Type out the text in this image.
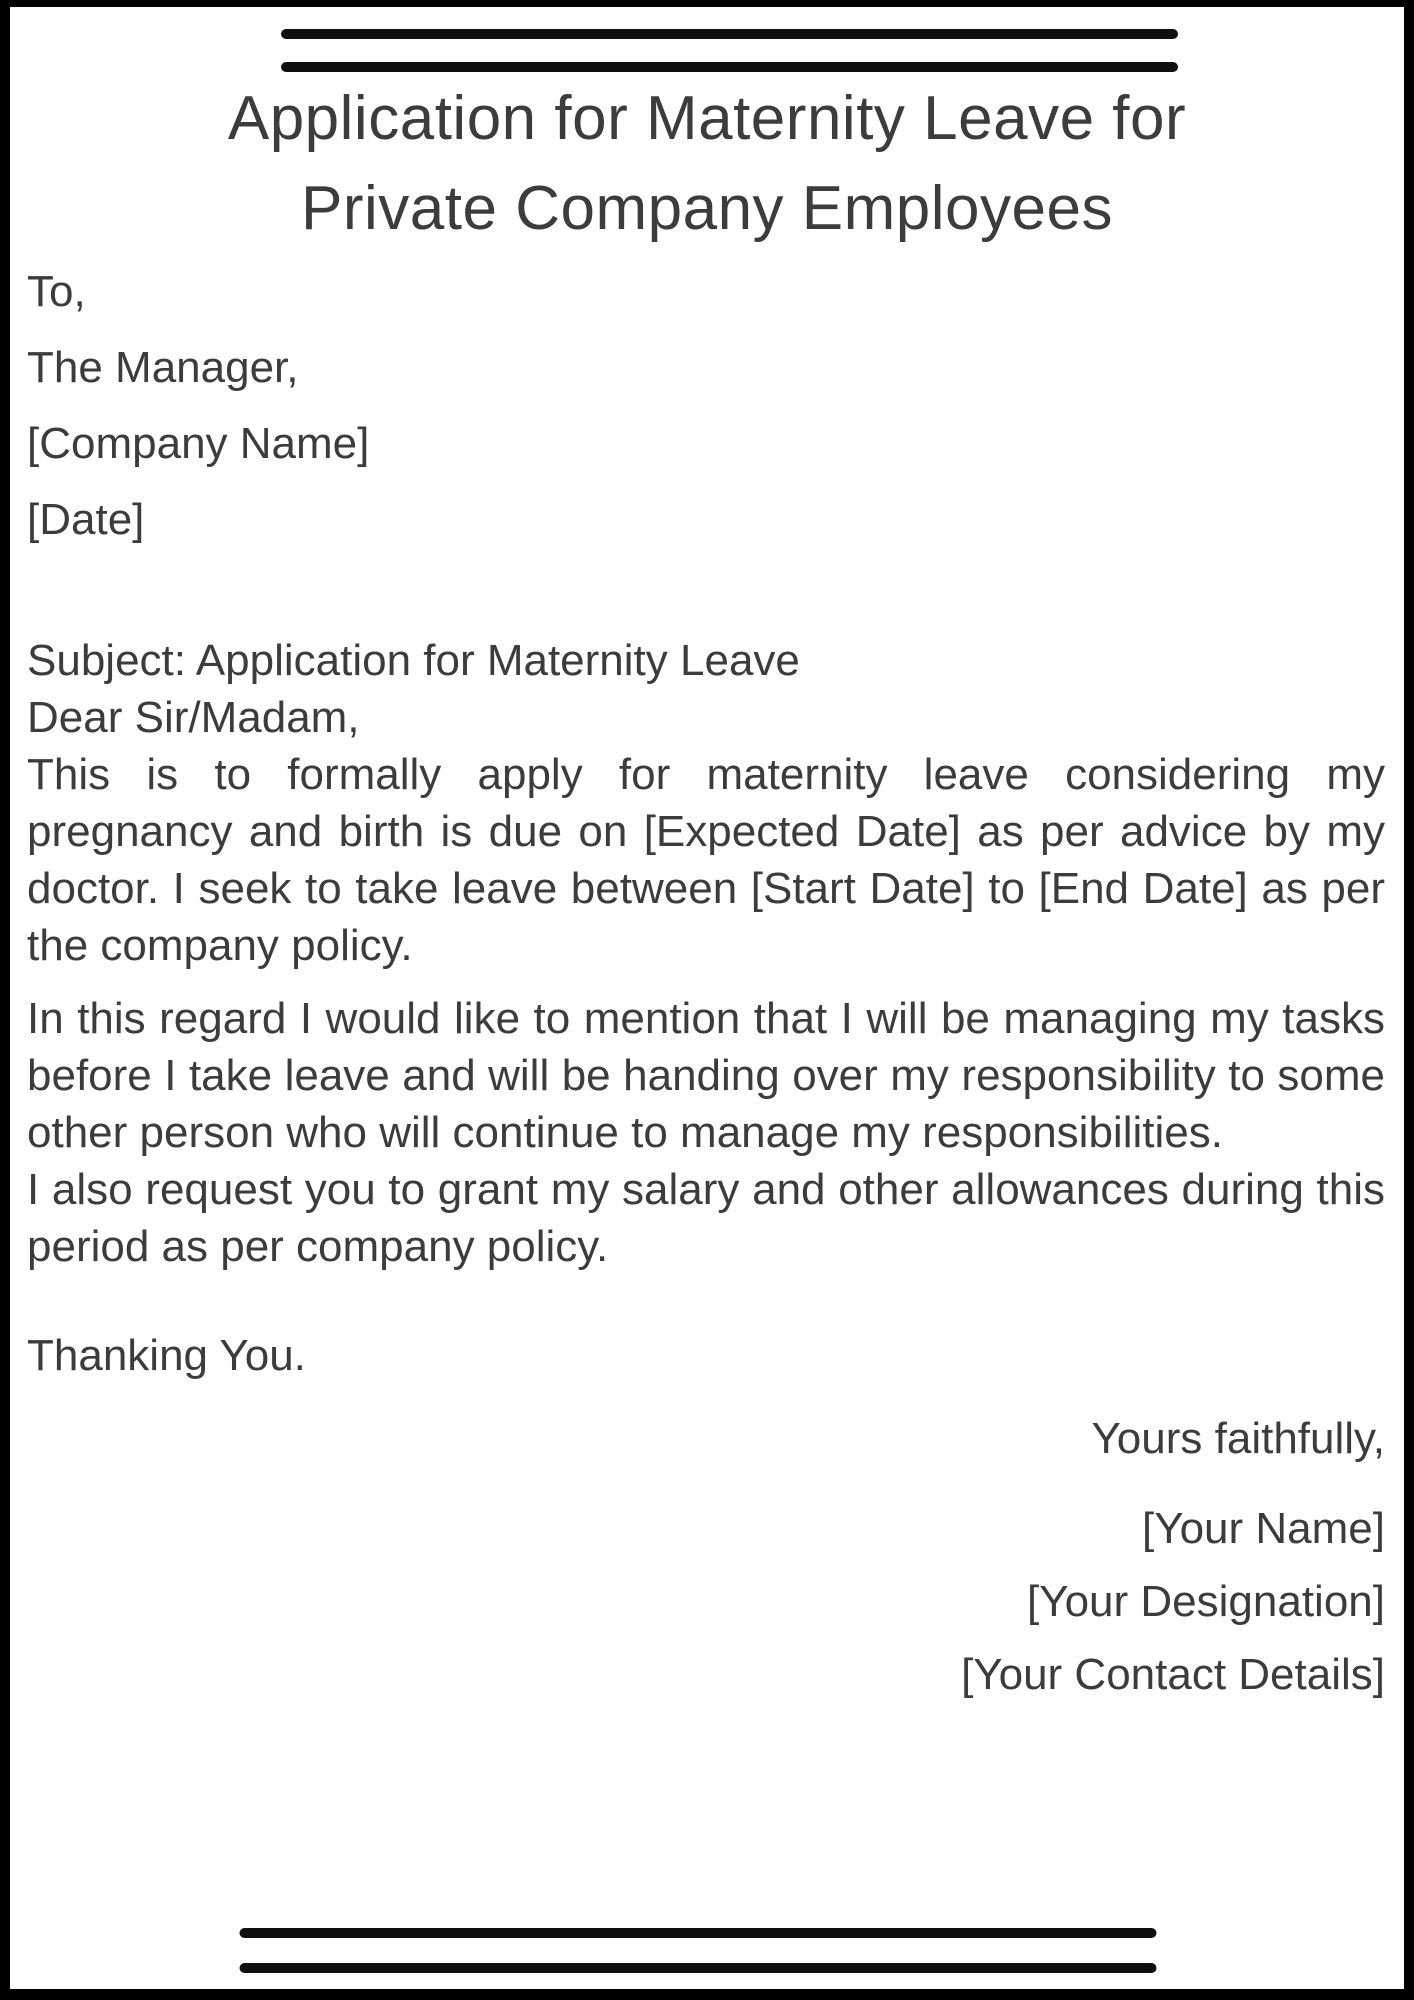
Application for Maternity Leave for
Private Company Employees
To,
The Manager,
[Company Name]
[Date]
Subject: Application for Maternity Leave
Dear Sir/Madam,

This is to formally apply for maternity leave considering my pregnancy and birth is due on [Expected Date] as per advice by my doctor. I seek to take leave between [Start Date] to [End Date] as per the company policy.

In this regard I would like to mention that I will be managing my tasks before I take leave and will be handing over my responsibility to some other person who will continue to manage my responsibilities.

I also request you to grant my salary and other allowances during this period as per company policy.

Thanking You.
Yours faithfully,
[Your Name]
[Your Designation]
[Your Contact Details]
